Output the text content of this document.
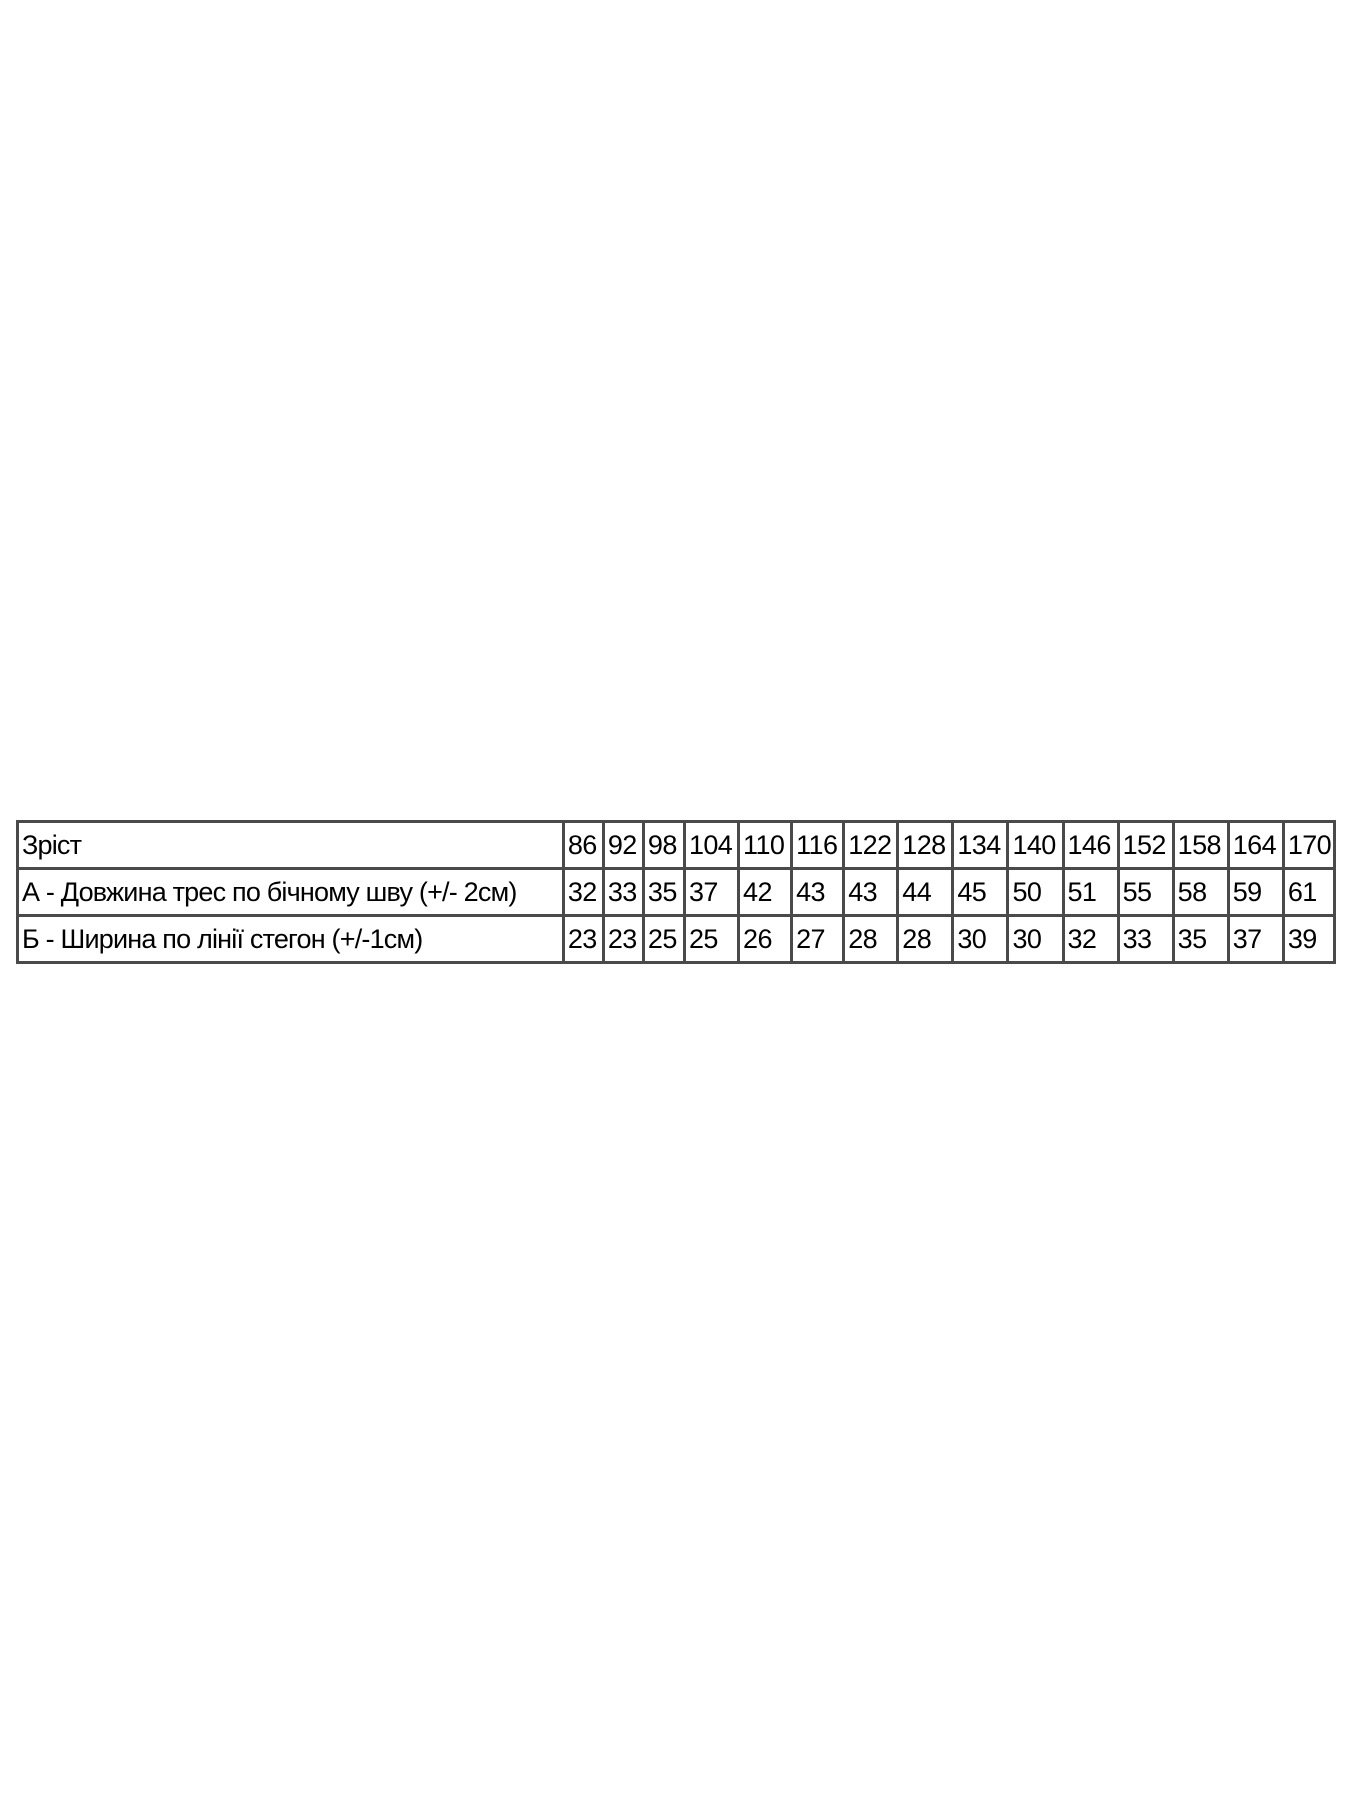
Зріст	86	92	98	104	110	116	122	128	134	140	146	152	158	164	170
А - Довжина трес по бічному шву (+/- 2см)	32	33	35	37	42	43	43	44	45	50	51	55	58	59	61
Б - Ширина по лінії стегон (+/-1см)	23	23	25	25	26	27	28	28	30	30	32	33	35	37	39
